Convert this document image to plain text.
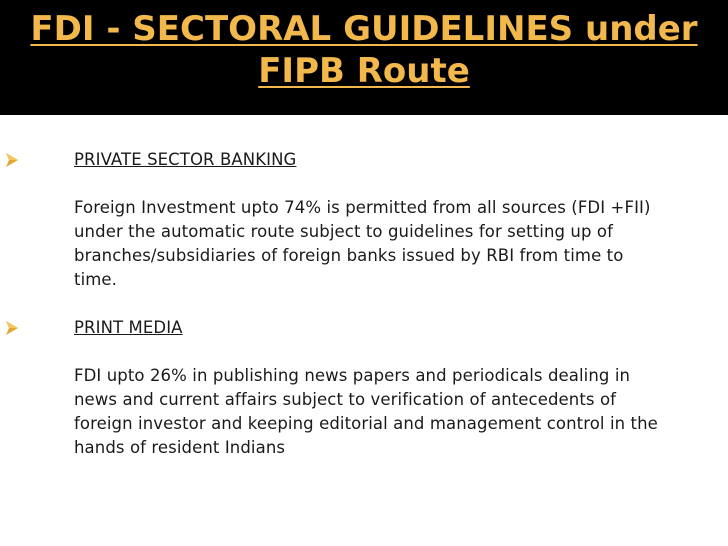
FDI - SECTORAL GUIDELINES under
FIPB Route
PRIVATE SECTOR BANKING
Foreign Investment upto 74% is permitted from all sources (FDI +FII)
under the automatic route subject to guidelines for setting up of
branches/subsidiaries of foreign banks issued by RBI from time to
time.
PRINT MEDIA
FDI upto 26% in publishing news papers and periodicals dealing in
news and current affairs subject to verification of antecedents of
foreign investor and keeping editorial and management control in the
hands of resident Indians
